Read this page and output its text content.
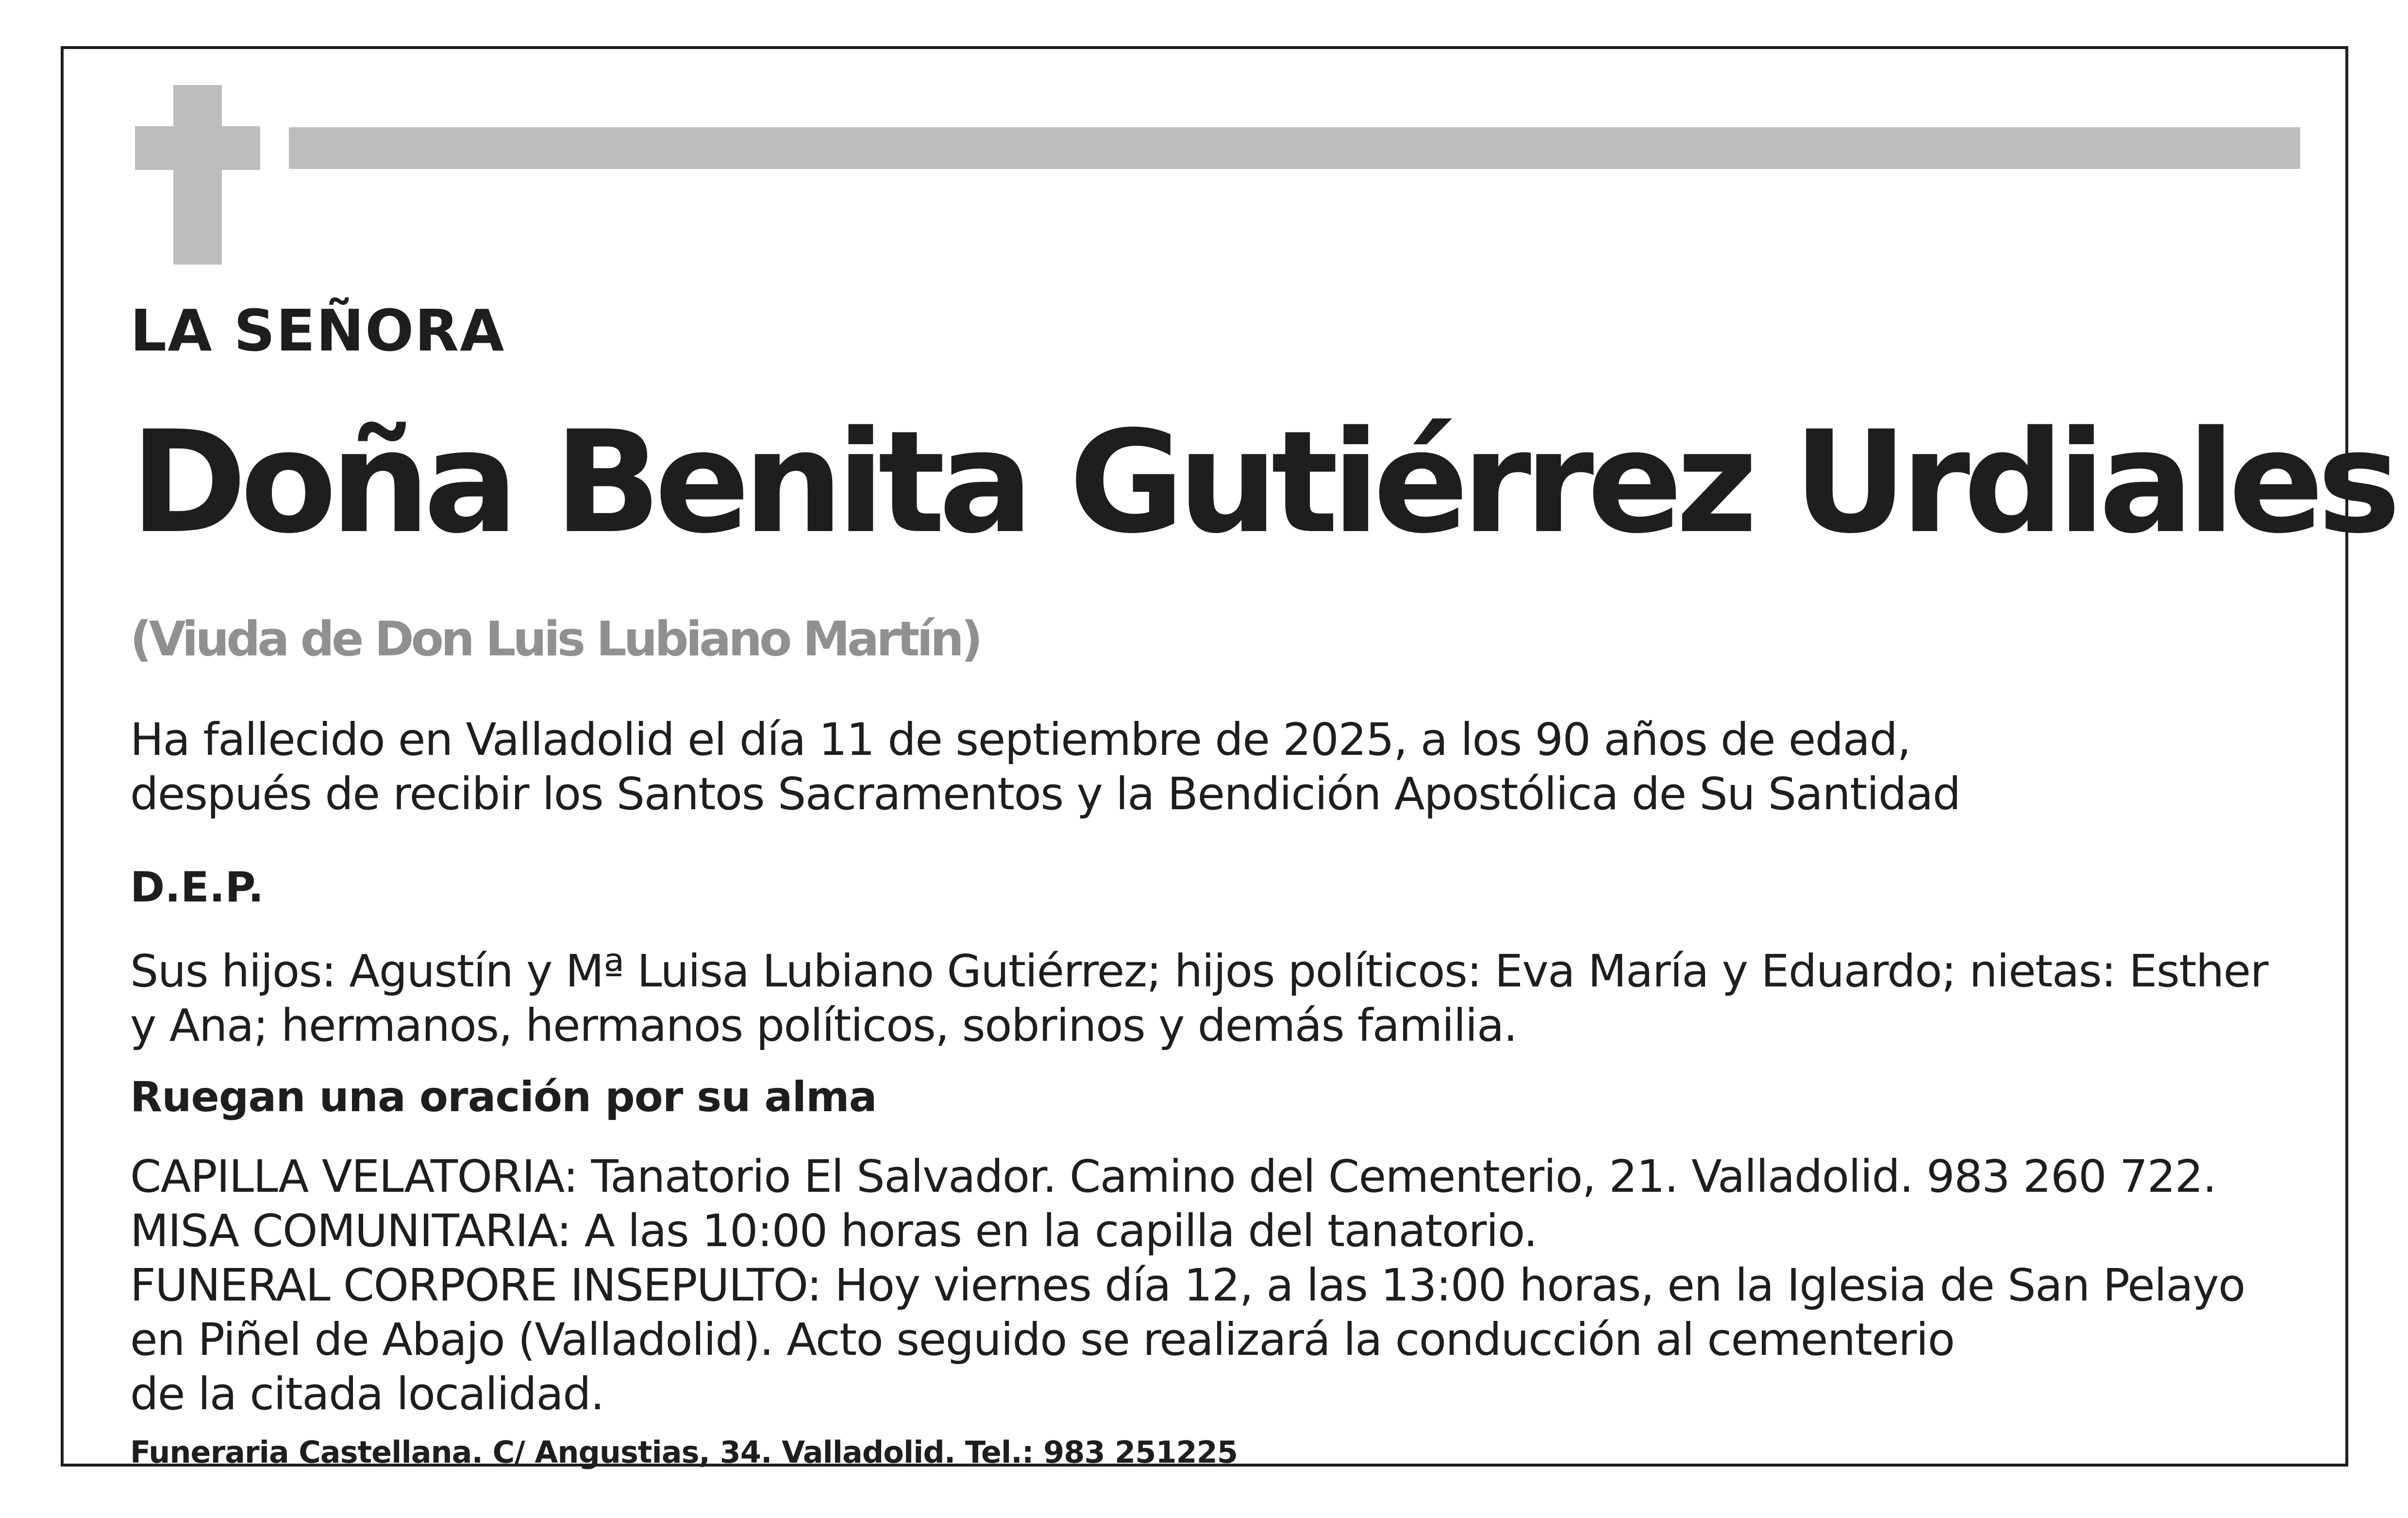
LA SEÑORA

Doña Benita Gutiérrez Urdiales

(Viuda de Don Luis Lubiano Martín)

Ha fallecido en Valladolid el día 11 de septiembre de 2025, a los 90 años de edad,
después de recibir los Santos Sacramentos y la Bendición Apostólica de Su Santidad

D.E.P.

Sus hijos: Agustín y Mª Luisa Lubiano Gutiérrez; hijos políticos: Eva María y Eduardo; nietas: Esther
y Ana; hermanos, hermanos políticos, sobrinos y demás familia.

Ruegan una oración por su alma

CAPILLA VELATORIA: Tanatorio El Salvador. Camino del Cementerio, 21. Valladolid. 983 260 722.
MISA COMUNITARIA: A las 10:00 horas en la capilla del tanatorio.
FUNERAL CORPORE INSEPULTO: Hoy viernes día 12, a las 13:00 horas, en la Iglesia de San Pelayo
en Piñel de Abajo (Valladolid). Acto seguido se realizará la conducción al cementerio
de la citada localidad.

Funeraria Castellana. C/ Angustias, 34. Valladolid. Tel.: 983 251225
